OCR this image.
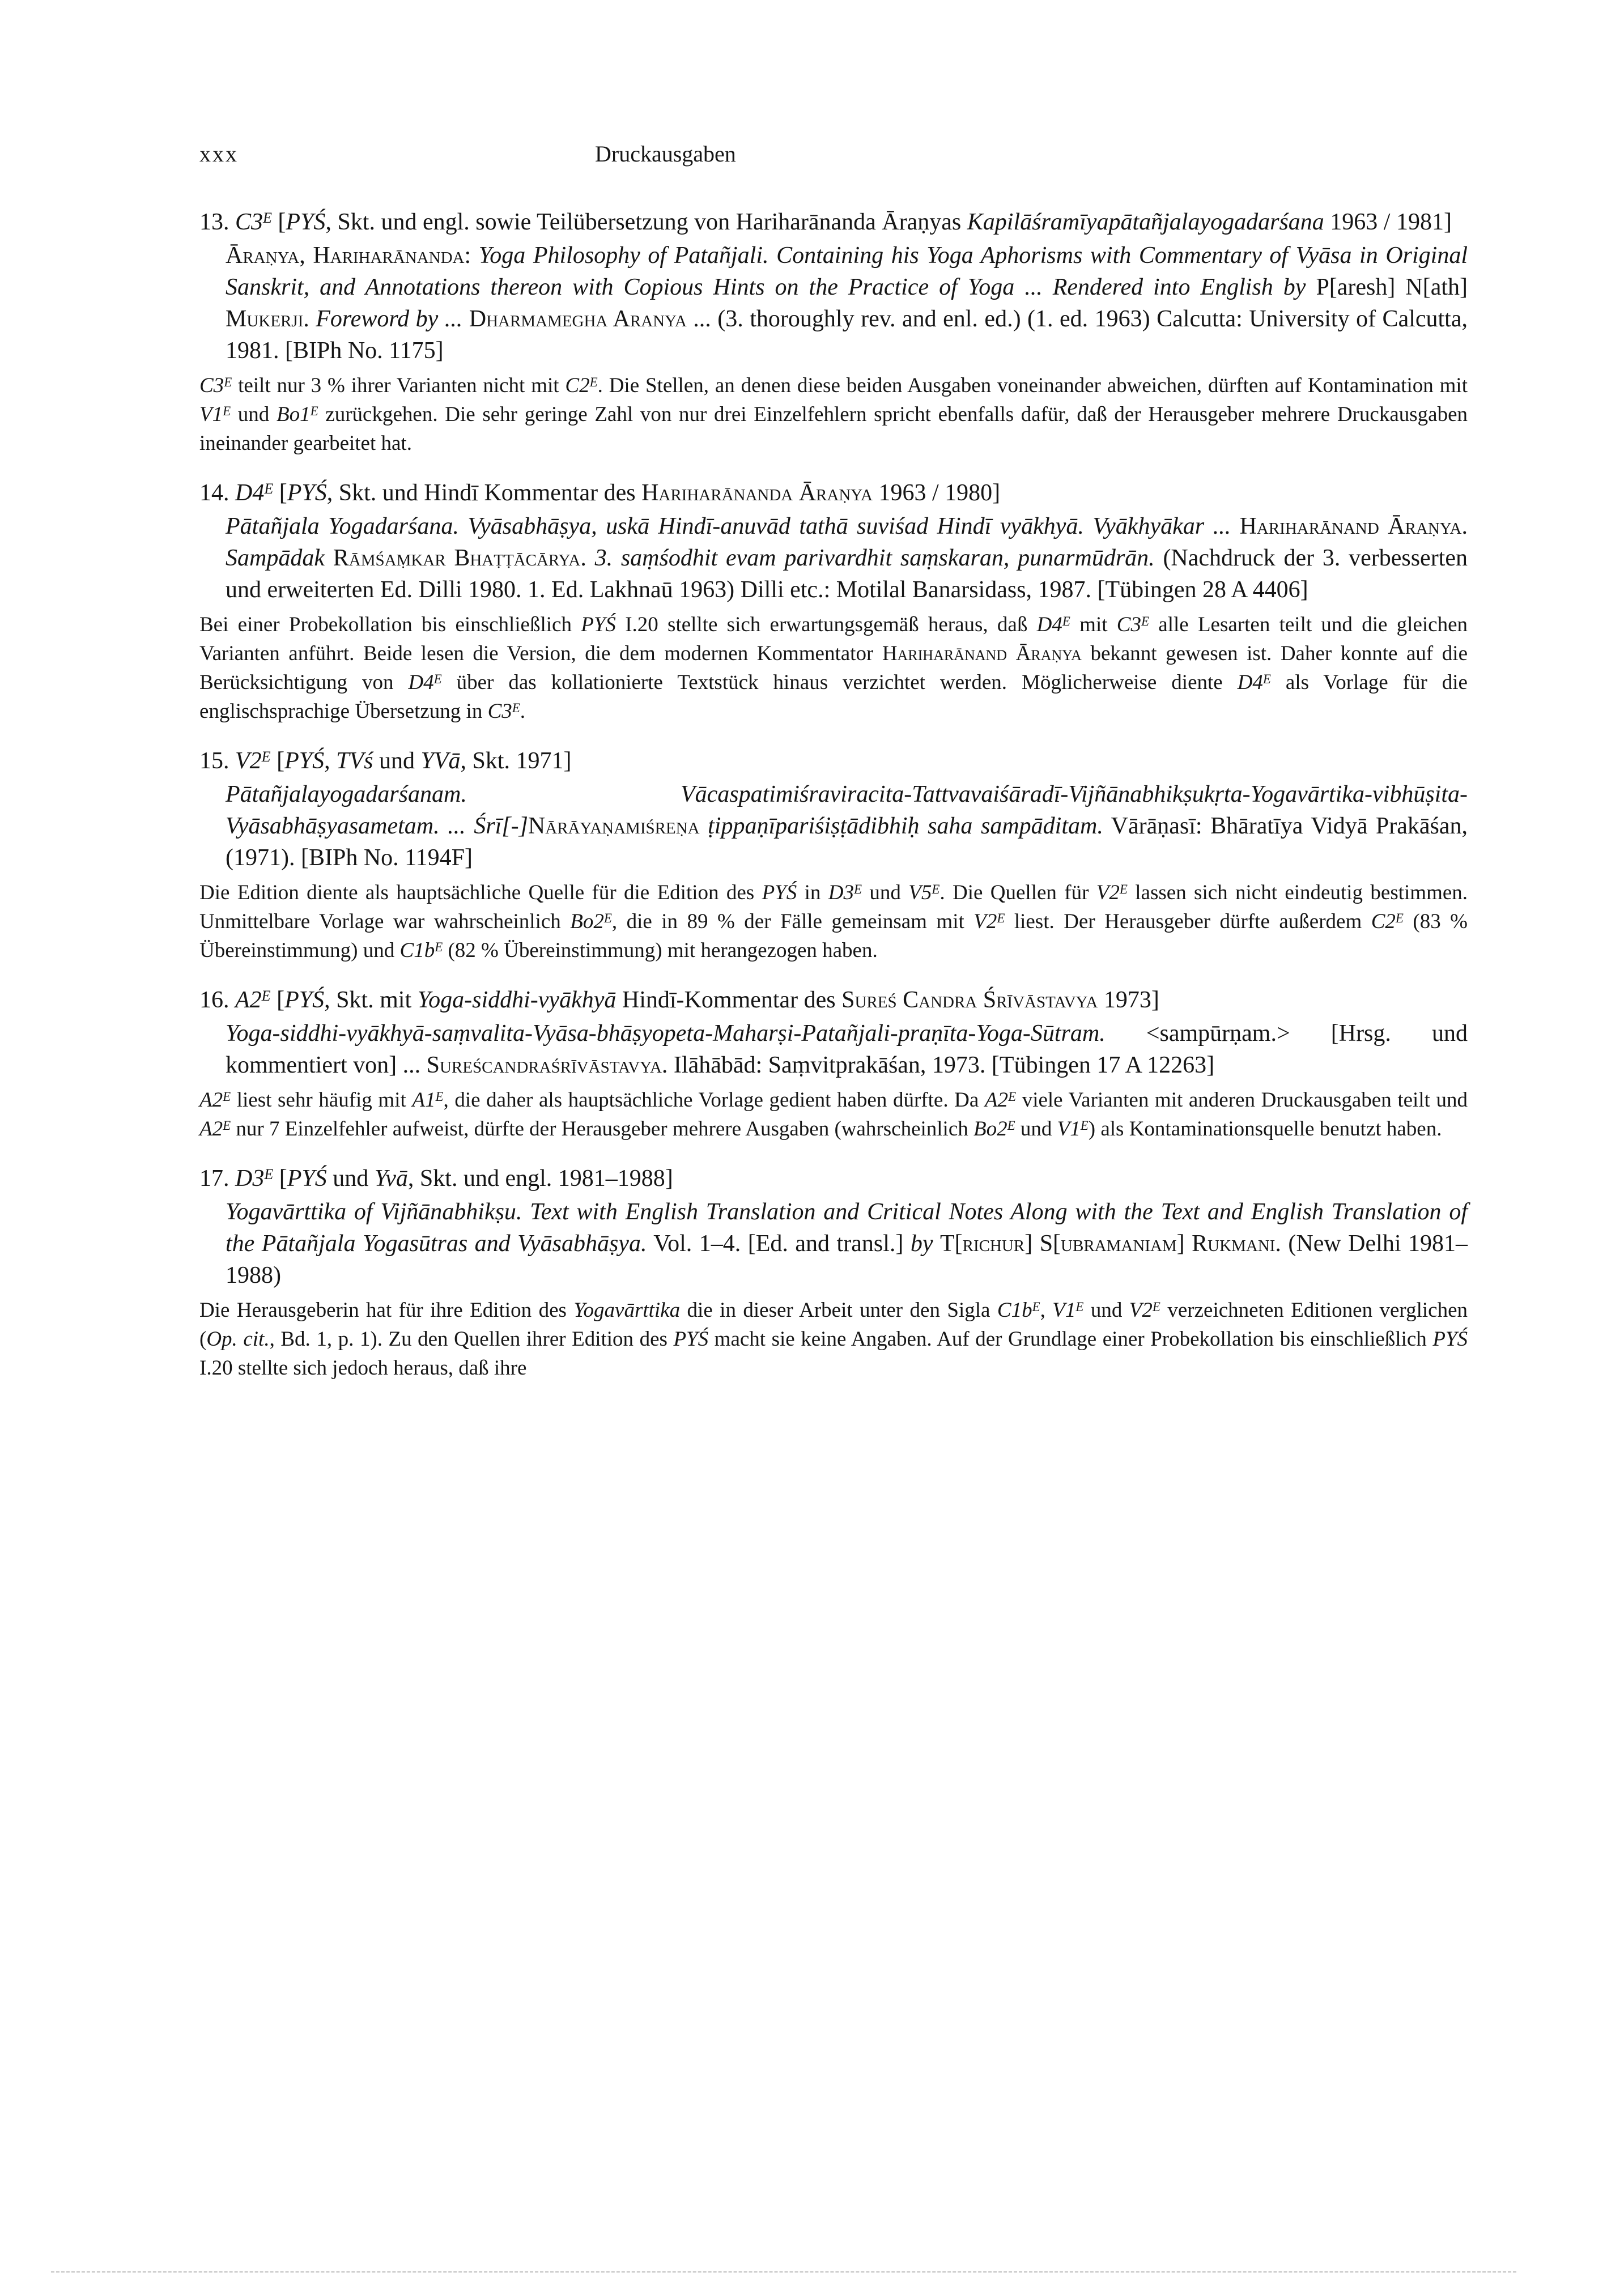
xxx	Druckausgaben

13. $C3^E$ [PYŚ, Skt. und engl. sowie Teilübersetzung von Hariharānanda Āraṇyas Kapilāśramīyapātañjalayogadarśana 1963 / 1981]

Āraṇya, Hariharānanda: Yoga Philosophy of Patañjali. Containing his Yoga Aphorisms with Commentary of Vyāsa in Original Sanskrit, and Annotations thereon with Copious Hints on the Practice of Yoga ... Rendered into English by P[aresh] N[ath] Mukerji. Foreword by ... Dharmamegha Aranya ... (3. thoroughly rev. and enl. ed.) (1. ed. 1963) Calcutta: University of Calcutta, 1981. [BIPh No. 1175]

$C3^E$ teilt nur 3 % ihrer Varianten nicht mit $C2^E$. Die Stellen, an denen diese beiden Ausgaben voneinander abweichen, dürften auf Kontamination mit $V1^E$ und $Bo1^E$ zurückgehen. Die sehr geringe Zahl von nur drei Einzelfehlern spricht ebenfalls dafür, daß der Herausgeber mehrere Druckausgaben ineinander gearbeitet hat.

14. $D4^E$ [PYŚ, Skt. und Hindī Kommentar des Hariharānanda Āraṇya 1963 / 1980]

Pātañjala Yogadarśana. Vyāsabhāṣya, uskā Hindī-anuvād tathā suviśad Hindī vyākhyā. Vyākhyākar ... Hariharānand Āraṇya. Sampādak Rāmśaṃkar Bhaṭṭācārya. 3. saṃśodhit evam parivardhit saṃskaran, punarmūdrān. (Nachdruck der 3. verbesserten und erweiterten Ed. Dilli 1980. 1. Ed. Lakhnaū 1963) Dilli etc.: Motilal Banarsidass, 1987. [Tübingen 28 A 4406]

Bei einer Probekollation bis einschließlich PYŚ I.20 stellte sich erwartungsgemäß heraus, daß $D4^E$ mit $C3^E$ alle Lesarten teilt und die gleichen Varianten anführt. Beide lesen die Version, die dem modernen Kommentator Hariharānand Āraṇya bekannt gewesen ist. Daher konnte auf die Berücksichtigung von $D4^E$ über das kollationierte Textstück hinaus verzichtet werden. Möglicherweise diente $D4^E$ als Vorlage für die englischsprachige Übersetzung in $C3^E$.

15. $V2^E$ [PYŚ, TVś und YVā, Skt. 1971]

Pātañjalayogadarśanam. Vācaspatimiśraviracita-Tattvavaiśāradī-Vijñānabhikṣukṛta-Yogavārtika-vibhūṣita-Vyāsabhāṣyasametam. ... Śrī[-]Nārāyaṇamiśreṇa ṭippaṇīpariśiṣṭādibhiḥ saha sampāditam. Vārāṇasī: Bhāratīya Vidyā Prakāśan, (1971). [BIPh No. 1194F]

Die Edition diente als hauptsächliche Quelle für die Edition des PYŚ in $D3^E$ und $V5^E$. Die Quellen für $V2^E$ lassen sich nicht eindeutig bestimmen. Unmittelbare Vorlage war wahrscheinlich $Bo2^E$, die in 89 % der Fälle gemeinsam mit $V2^E$ liest. Der Herausgeber dürfte außerdem $C2^E$ (83 % Übereinstimmung) und $C1b^E$ (82 % Übereinstimmung) mit herangezogen haben.

16. $A2^E$ [PYŚ, Skt. mit Yoga-siddhi-vyākhyā Hindī-Kommentar des Sureś Candra Śrīvāstavya 1973]

Yoga-siddhi-vyākhyā-saṃvalita-Vyāsa-bhāṣyopeta-Maharṣi-Patañjali-praṇīta-Yoga-Sūtram. <sampūrṇam.> [Hrsg. und kommentiert von] ... Sureścandraśrīvāstavya. Ilāhābād: Saṃvitprakāśan, 1973. [Tübingen 17 A 12263]

$A2^E$ liest sehr häufig mit $A1^E$, die daher als hauptsächliche Vorlage gedient haben dürfte. Da $A2^E$ viele Varianten mit anderen Druckausgaben teilt und $A2^E$ nur 7 Einzelfehler aufweist, dürfte der Herausgeber mehrere Ausgaben (wahrscheinlich $Bo2^E$ und $V1^E$) als Kontaminationsquelle benutzt haben.

17. $D3^E$ [PYŚ und Yvā, Skt. und engl. 1981–1988]

Yogavārttika of Vijñānabhikṣu. Text with English Translation and Critical Notes Along with the Text and English Translation of the Pātañjala Yogasūtras and Vyāsabhāṣya. Vol. 1–4. [Ed. and transl.] by T[richur] S[ubramaniam] Rukmani. (New Delhi 1981–1988)

Die Herausgeberin hat für ihre Edition des Yogavārttika die in dieser Arbeit unter den Sigla $C1b^E$, $V1^E$ und $V2^E$ verzeichneten Editionen verglichen (Op. cit., Bd. 1, p. 1). Zu den Quellen ihrer Edition des PYŚ macht sie keine Angaben. Auf der Grundlage einer Probekollation bis einschließlich PYŚ I.20 stellte sich jedoch heraus, daß ihre
